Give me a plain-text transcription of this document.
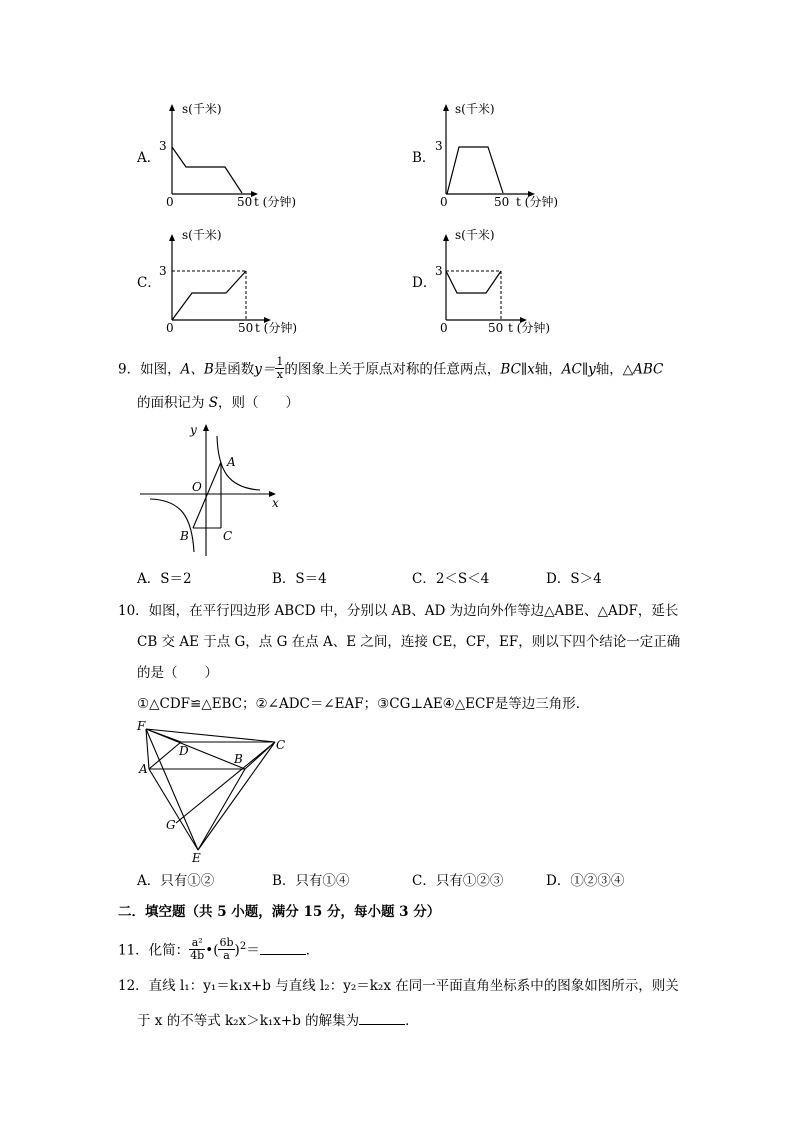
A．
s(千米)
3
0	50 t (分钟)
B．
s(千米)
3
0	50 t (分钟)
C．
s(千米)
3
0	50 t (分钟)
D．
s(千米)
3
0	50 t (分钟)
9．如图，A、B是函数$y= \frac{1}{x}$ 的图象上关于原点对称的任意两点，BC∥x轴，AC∥y轴，△ABC
的面积记为 S，则（　　）
y
x
O
A
B	C
A．S＝2	B．S＝4	C．2＜S＜4	D．S＞4
10．如图，在平行四边形 ABCD 中，分别以 AB、AD 为边向外作等边△ABE、△ADF，延长
CB 交 AE 于点 G，点 G 在点 A、E 之间，连接 CE，CF，EF，则以下四个结论一定正确
的是（　　）
①△CDF≌△EBC；②∠ADC＝∠EAF；③CG⊥AE④△ECF是等边三角形．
F
C
D
A
B
G
E
A．只有①②	B．只有①④	C．只有①②③	D．①②③④
二．填空题（共 5 小题，满分 15 分，每小题 3 分）
11．化简： $\frac{\text{a²}}{4b}$ •( $\frac{6b}{a} )^2=$	．
12．直线 l₁：y₁＝k₁x+b 与直线 l₂：y₂＝k₂x 在同一平面直角坐标系中的图象如图所示，则关
于 x 的不等式 k₂x＞k₁x+b 的解集为	．
